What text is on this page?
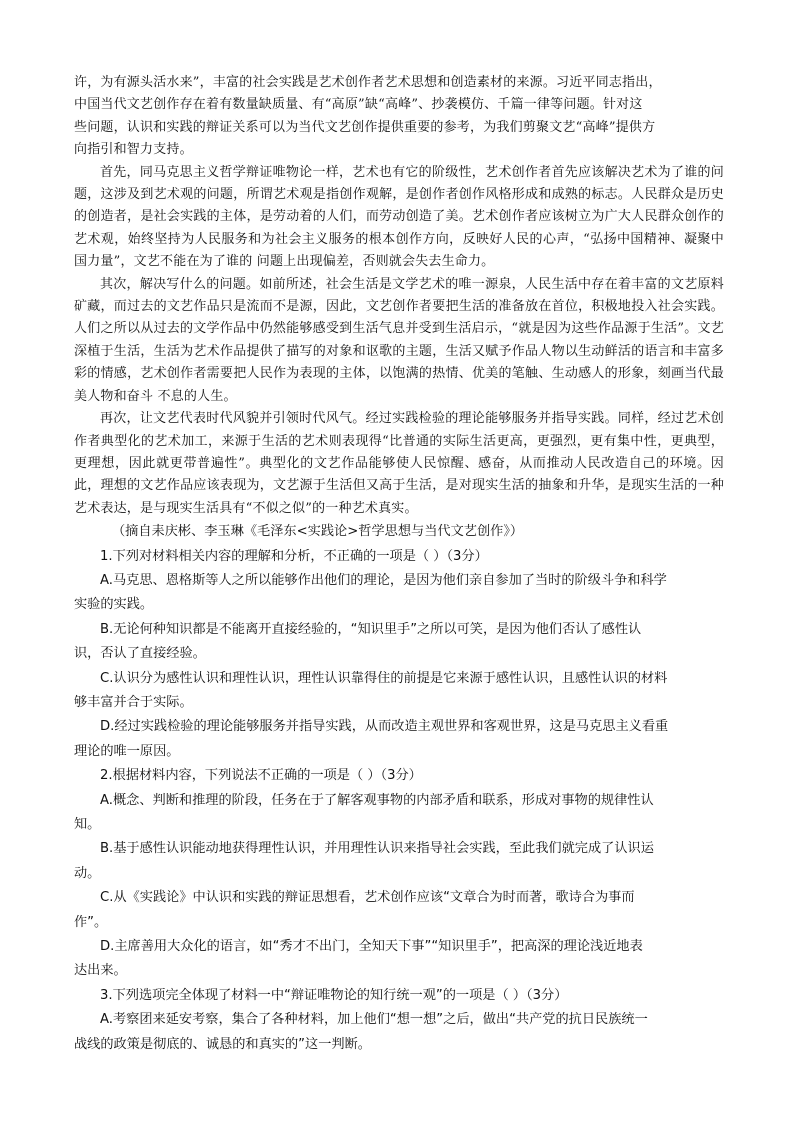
许，为有源头活水来”，丰富的社会实践是艺术创作者艺术思想和创造素材的来源。习近平同志指出，

中国当代文艺创作存在着有数量缺质量、有“高原”缺“高峰”、抄袭模仿、千篇一律等问题。针对这

些问题，认识和实践的辩证关系可以为当代文艺创作提供重要的参考，为我们剪聚文艺“高峰”提供方

向指引和智力支持。

首先，同马克思主义哲学辩证唯物论一样，艺术也有它的阶级性，艺术创作者首先应该解决艺术为了谁的问题，这涉及到艺术观的问题，所谓艺术观是指创作观解，是创作者创作风格形成和成熟的标志。人民群众是历史的创造者，是社会实践的主体，是劳动着的人们，而劳动创造了美。艺术创作者应该树立为广大人民群众创作的艺术观，始终坚持为人民服务和为社会主义服务的根本创作方向，反映好人民的心声，“弘扬中国精神、凝聚中国力量”，文艺不能在为了谁的 问题上出现偏差，否则就会失去生命力。

其次，解决写什么的问题。如前所述，社会生活是文学艺术的唯一源泉，人民生活中存在着丰富的文艺原料矿藏，而过去的文艺作品只是流而不是源，因此，文艺创作者要把生活的准备放在首位，积极地投入社会实践。人们之所以从过去的文学作品中仍然能够感受到生活气息并受到生活启示，“就是因为这些作品源于生活”。文艺深植于生活，生活为艺术作品提供了描写的对象和讴歌的主题，生活又赋予作品人物以生动鲜活的语言和丰富多彩的情感，艺术创作者需要把人民作为表现的主体，以饱满的热情、优美的笔触、生动感人的形象，刻画当代最美人物和奋斗 不息的人生。

再次，让文艺代表时代风貌并引领时代风气。经过实践检验的理论能够服务并指导实践。同样，经过艺术创作者典型化的艺术加工，来源于生活的艺术则表现得“比普通的实际生活更高，更强烈，更有集中性，更典型，更理想，因此就更带普遍性”。典型化的文艺作品能够使人民惊醒、感奋，从而推动人民改造自己的环境。因此，理想的文艺作品应该表现为，文艺源于生活但又高于生活，是对现实生活的抽象和升华，是现实生活的一种艺术表达，是与现实生活具有“不似之似”的一种艺术真实。

（摘自耒庆彬、李玉琳《毛泽东<实践论>哲学思想与当代文艺创作》）

1.下列对材料相关内容的理解和分析，不正确的一项是（ ）（3分）

A.马克思、恩格斯等人之所以能够作出他们的理论，是因为他们亲自参加了当时的阶级斗争和科学

实验的实践。

B.无论何种知识都是不能离开直接经验的，“知识里手”之所以可笑，是因为他们否认了感性认

识，否认了直接经验。

C.认识分为感性认识和理性认识，理性认识靠得住的前提是它来源于感性认识，且感性认识的材料

够丰富并合于实际。

D.经过实践检验的理论能够服务并指导实践，从而改造主观世界和客观世界，这是马克思主义看重

理论的唯一原因。

2.根据材料内容，下列说法不正确的一项是（ ）（3分）

A.概念、判断和推理的阶段，任务在于了解客观事物的内部矛盾和联系，形成对事物的规律性认

知。

B.基于感性认识能动地获得理性认识，并用理性认识来指导社会实践，至此我们就完成了认识运

动。

C.从《实践论》中认识和实践的辩证思想看，艺术创作应该“文章合为时而著，歌诗合为事而

作”。

D.主席善用大众化的语言，如“秀才不出门，全知天下事”“知识里手”，把高深的理论浅近地表

达出来。

3.下列选项完全体现了材料一中“辩证唯物论的知行统一观”的一项是（ ）（3分）

A.考察团来延安考察，集合了各种材料，加上他们“想一想”之后，做出“共产党的抗日民族统一

战线的政策是彻底的、诚恳的和真实的”这一判断。
